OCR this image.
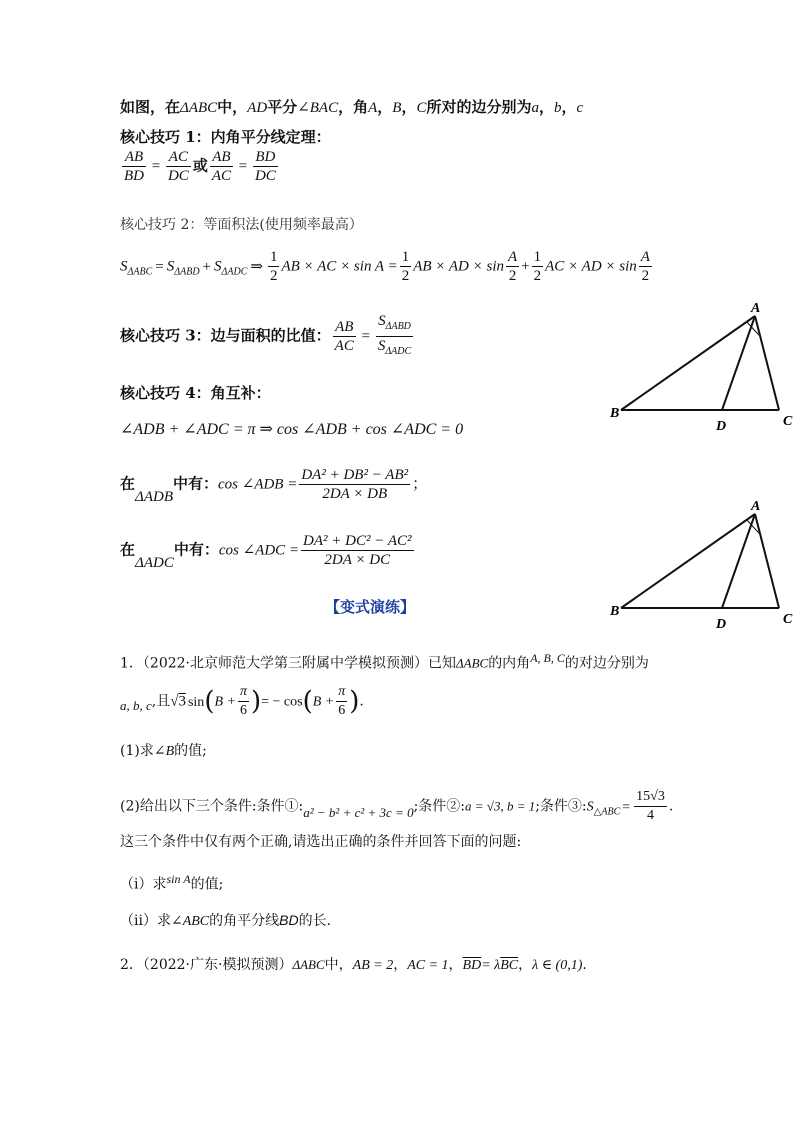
如图，在ΔABC中，AD平分∠BAC，角A，B，C所对的边分别为a，b，c
核心技巧 1：内角平分线定理：
$\frac{AB}{BD} = \frac{AC}{DC}$ 或 $\frac{AB}{AC} = \frac{BD}{DC}$
核心技巧 2：等面积法(使用频率最高）
$S_{\Delta ABC} = S_{\Delta ABD} + S_{\Delta ADC}$ ⇒ $\frac{1}{2}$ AB × AC × $\sin A = \frac{1}{2}$ AB × AD × $\sin \frac{A}{2} + \frac{1}{2}$ AC × AD × $\sin \frac{A}{2}$
核心技巧 3：边与面积的比值： $\frac{AB}{AC} = \frac{S_{\Delta ABD}}{S_{\Delta ADC}}$
核心技巧 4：角互补：
∠ADB + ∠ADC = π ⇒ cos ∠ADB + cos ∠ADC = 0
在ΔADB中有：cos ∠ADB = $\frac{\text{DA² + DB² − AB²}}{2DA \times DB}$ ；
在ΔADC中有：cos ∠ADC = $\frac{\text{DA² + DC² − AC²}}{2DA \times DC}$
【变式演练】
1．（2022·北京师范大学第三附属中学模拟预测）已知ΔABC的内角$^{A, B, C}$的对边分别为
a, b, c,且√3 $\sin(B + \frac{\pi}{6}$ )= − $\cos(B + \frac{\pi}{6}$ ).
(1)求∠B的值;
(2)给出以下三个条件:条件①:a² − b² + c² + 3c = 0;条件②:a = √3, b = 1;条件$③:S_{\triangle ABC} = \frac{15√3}{4}$ .
这三个条件中仅有两个正确,请选出正确的条件并回答下面的问题:
（i）求$^{sin A}$的值;
（ii）求∠ABC的角平分线BD的长.
2．（2022·广东·模拟预测）ΔABC中，AB = 2，AC = 1，$\overline{BD}= \lambda\overline{BC}$，λ ∈ (0,1).
A
B
C
D
A
B
C
D
